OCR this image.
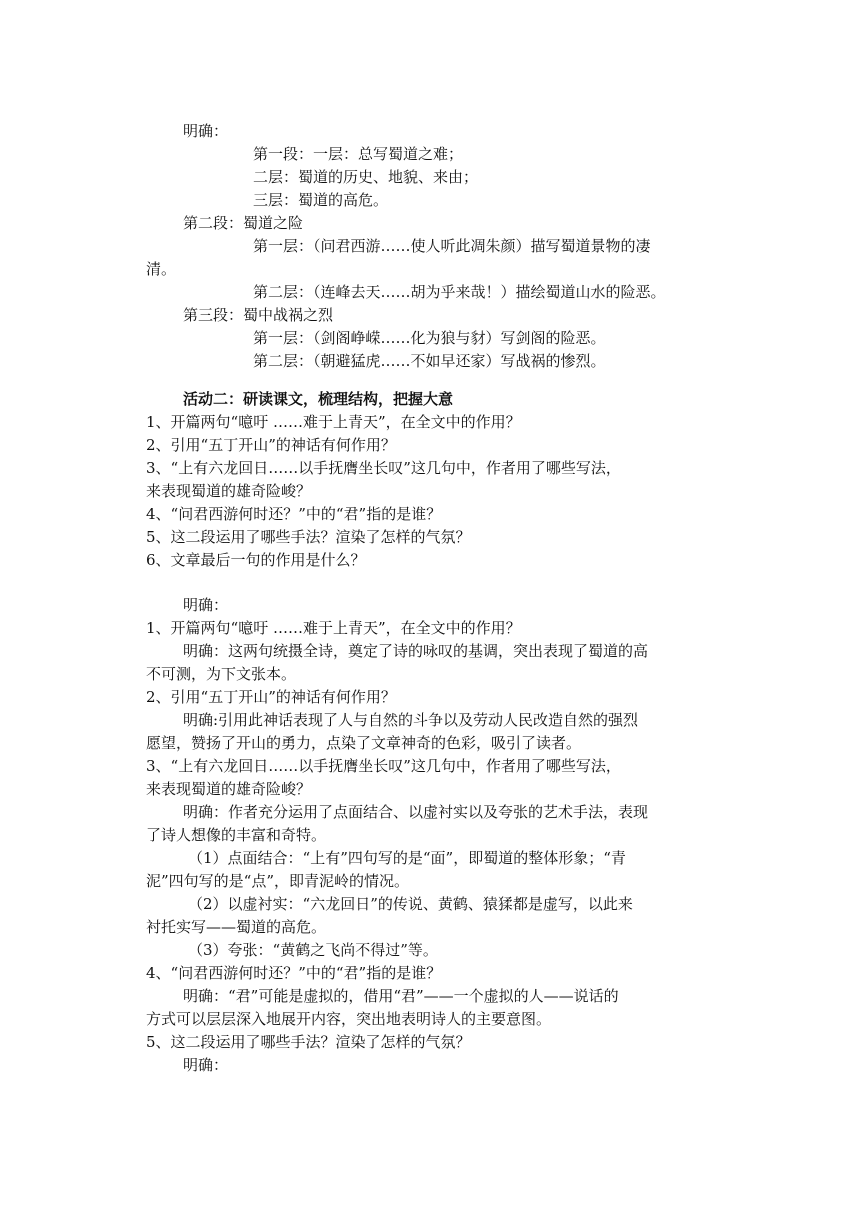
明确：
第一段：一层：总写蜀道之难；
二层：蜀道的历史、地貌、来由；
三层：蜀道的高危。
第二段：蜀道之险
第一层：（问君西游……使人听此凋朱颜）描写蜀道景物的凄
清。
第二层：（连峰去天……胡为乎来哉！）描绘蜀道山水的险恶。
第三段：蜀中战祸之烈
第一层：（剑阁峥嵘……化为狼与豺）写剑阁的险恶。
第二层：（朝避猛虎……不如早还家）写战祸的惨烈。
活动二：研读课文，梳理结构，把握大意
1、开篇两句“噫吁 ……难于上青天”，在全文中的作用？
2、引用“五丁开山”的神话有何作用？
3、“上有六龙回日……以手抚膺坐长叹”这几句中，作者用了哪些写法，
来表现蜀道的雄奇险峻？
4、“问君西游何时还？”中的“君”指的是谁？
5、这二段运用了哪些手法？渲染了怎样的气氛？
6、文章最后一句的作用是什么？
明确：
1、开篇两句“噫吁 ……难于上青天”，在全文中的作用？
明确：这两句统摄全诗，奠定了诗的咏叹的基调，突出表现了蜀道的高
不可测，为下文张本。
2、引用“五丁开山”的神话有何作用？
明确:引用此神话表现了人与自然的斗争以及劳动人民改造自然的强烈
愿望，赞扬了开山的勇力，点染了文章神奇的色彩，吸引了读者。
3、“上有六龙回日……以手抚膺坐长叹”这几句中，作者用了哪些写法，
来表现蜀道的雄奇险峻？
明确：作者充分运用了点面结合、以虚衬实以及夸张的艺术手法，表现
了诗人想像的丰富和奇特。
（1）点面结合：“上有”四句写的是“面”，即蜀道的整体形象；“青
泥”四句写的是“点”，即青泥岭的情况。
（2）以虚衬实：“六龙回日”的传说、黄鹤、猿猱都是虚写，以此来
衬托实写——蜀道的高危。
（3）夸张：“黄鹤之飞尚不得过”等。
4、“问君西游何时还？”中的“君”指的是谁？
明确：“君”可能是虚拟的，借用“君”——一个虚拟的人——说话的
方式可以层层深入地展开内容，突出地表明诗人的主要意图。
5、这二段运用了哪些手法？渲染了怎样的气氛？
明确：
